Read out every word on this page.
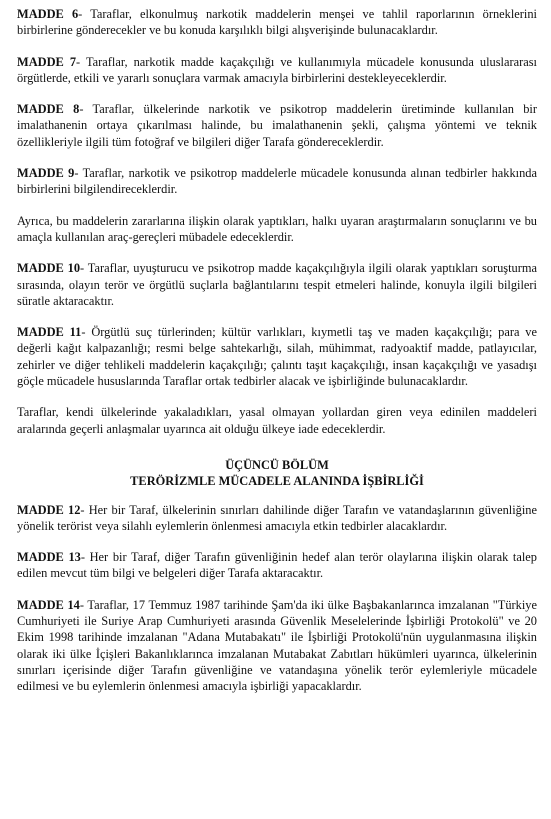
MADDE 6- Taraflar, elkonulmuş narkotik maddelerin menşei ve tahlil raporlarının örneklerini birbirlerine gönderecekler ve bu konuda karşılıklı bilgi alışverişinde bulunacaklardır.

MADDE 7- Taraflar, narkotik madde kaçakçılığı ve kullanımıyla mücadele konusunda uluslararası örgütlerde, etkili ve yararlı sonuçlara varmak amacıyla birbirlerini destekleyeceklerdir.

MADDE 8- Taraflar, ülkelerinde narkotik ve psikotrop maddelerin üretiminde kullanılan bir imalathanenin ortaya çıkarılması halinde, bu imalathanenin şekli, çalışma yöntemi ve teknik özellikleriyle ilgili tüm fotoğraf ve bilgileri diğer Tarafa göndereceklerdir.

MADDE 9- Taraflar, narkotik ve psikotrop maddelerle mücadele konusunda alınan tedbirler hakkında birbirlerini bilgilendireceklerdir.

Ayrıca, bu maddelerin zararlarına ilişkin olarak yaptıkları, halkı uyaran araştırmaların sonuçlarını ve bu amaçla kullanılan araç-gereçleri mübadele edeceklerdir.

MADDE 10- Taraflar, uyuşturucu ve psikotrop madde kaçakçılığıyla ilgili olarak yaptıkları soruşturma sırasında, olayın terör ve örgütlü suçlarla bağlantılarını tespit etmeleri halinde, konuyla ilgili bilgileri süratle aktaracaktır.

MADDE 11- Örgütlü suç türlerinden; kültür varlıkları, kıymetli taş ve maden kaçakçılığı; para ve değerli kağıt kalpazanlığı; resmi belge sahtekarlığı, silah, mühimmat, radyoaktif madde, patlayıcılar, zehirler ve diğer tehlikeli maddelerin kaçakçılığı; çalıntı taşıt kaçakçılığı, insan kaçakçılığı ve yasadışı göçle mücadele hususlarında Taraflar ortak tedbirler alacak ve işbirliğinde bulunacaklardır.

Taraflar, kendi ülkelerinde yakaladıkları, yasal olmayan yollardan giren veya edinilen maddeleri aralarında geçerli anlaşmalar uyarınca ait olduğu ülkeye iade edeceklerdir.

ÜÇÜNCÜ BÖLÜM

TERÖRİZMLE MÜCADELE ALANINDA İŞBİRLİĞİ

MADDE 12- Her bir Taraf, ülkelerinin sınırları dahilinde diğer Tarafın ve vatandaşlarının güvenliğine yönelik terörist veya silahlı eylemlerin önlenmesi amacıyla etkin tedbirler alacaklardır.

MADDE 13- Her bir Taraf, diğer Tarafın güvenliğinin hedef alan terör olaylarına ilişkin olarak talep edilen mevcut tüm bilgi ve belgeleri diğer Tarafa aktaracaktır.

MADDE 14- Taraflar, 17 Temmuz 1987 tarihinde Şam'da iki ülke Başbakanlarınca imzalanan "Türkiye Cumhuriyeti ile Suriye Arap Cumhuriyeti arasında Güvenlik Meselelerinde İşbirliği Protokolü" ve 20 Ekim 1998 tarihinde imzalanan "Adana Mutabakatı" ile İşbirliği Protokolü'nün uygulanmasına ilişkin olarak iki ülke İçişleri Bakanlıklarınca imzalanan Mutabakat Zabıtları hükümleri uyarınca, ülkelerinin sınırları içerisinde diğer Tarafın güvenliğine ve vatandaşına yönelik terör eylemleriyle mücadele edilmesi ve bu eylemlerin önlenmesi amacıyla işbirliği yapacaklardır.
